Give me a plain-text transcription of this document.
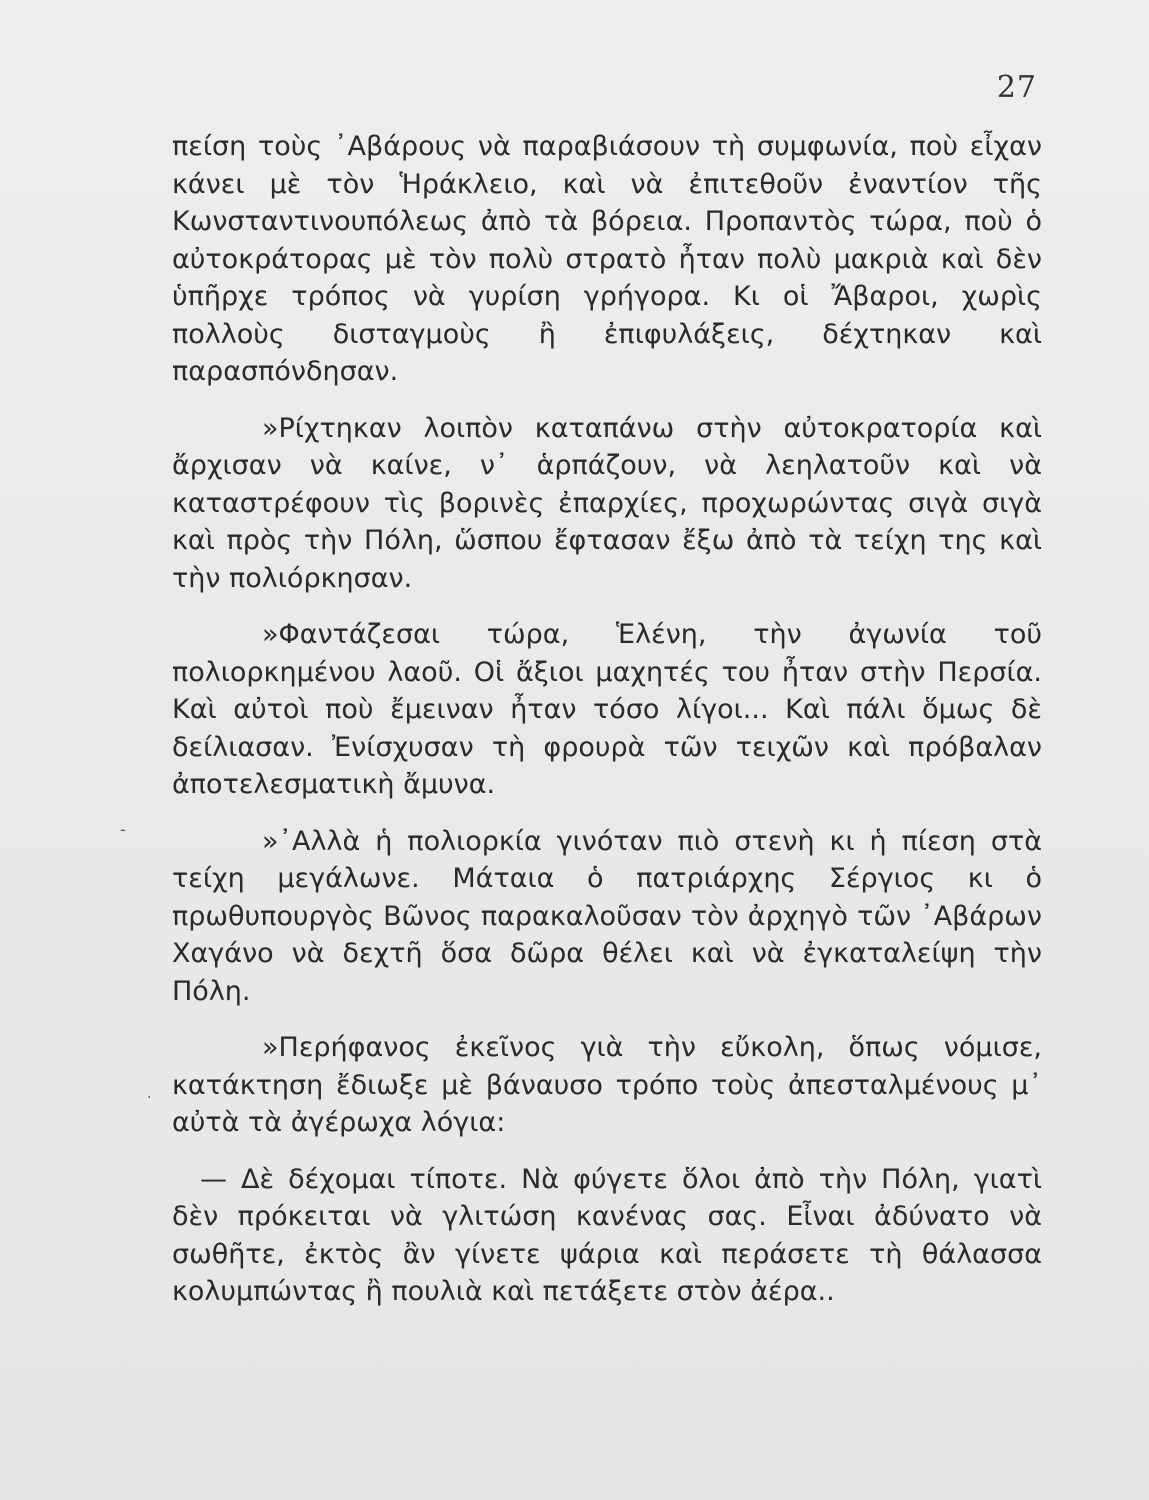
27
-
·

πείση τοὺς ᾿Αβάρους νὰ παραβιάσουν τὴ συμφωνία, ποὺ εἶχαν κάνει μὲ τὸν Ἡράκλειο, καὶ νὰ ἐπιτεθοῦν ἐναντίον τῆς Κωνσταντινουπόλεως ἀπὸ τὰ βόρεια. Προπαντὸς τώρα, ποὺ ὁ αὐτοκράτορας μὲ τὸν πολὺ στρατὸ ἦταν πολὺ μακριὰ καὶ δὲν ὑπῆρχε τρόπος νὰ γυρίση γρήγορα. Κι οἱ Ἄβαροι, χωρὶς πολλοὺς δισταγμοὺς ἢ ἐπιφυλάξεις, δέχτηκαν καὶ παρασπόνδησαν.

»Ρίχτηκαν λοιπὸν καταπάνω στὴν αὐτοκρατορία καὶ ἄρχισαν νὰ καίνε, ν᾿ ἁρπάζουν, νὰ λεηλατοῦν καὶ νὰ καταστρέφουν τὶς βορινὲς ἐπαρχίες, προχωρώντας σιγὰ σιγὰ καὶ πρὸς τὴν Πόλη, ὥσπου ἔφτασαν ἔξω ἀπὸ τὰ τείχη της καὶ τὴν πολιόρκησαν.

»Φαντάζεσαι τώρα, Ἑλένη, τὴν ἀγωνία τοῦ πολιορκημένου λαοῦ. Οἱ ἄξιοι μαχητές του ἦταν στὴν Περσία. Καὶ αὐτοὶ ποὺ ἔμειναν ἦταν τόσο λίγοι... Καὶ πάλι ὅμως δὲ δείλιασαν. Ἐνίσχυσαν τὴ φρουρὰ τῶν τειχῶν καὶ πρόβαλαν ἀποτελεσματικὴ ἄμυνα.

»᾿Αλλὰ ἡ πολιορκία γινόταν πιὸ στενὴ κι ἡ πίεση στὰ τείχη μεγάλωνε. Μάταια ὁ πατριάρχης Σέργιος κι ὁ πρωθυπουργὸς Βῶνος παρακαλοῦσαν τὸν ἀρχηγὸ τῶν ᾿Αβάρων Χαγάνο νὰ δεχτῆ ὅσα δῶρα θέλει καὶ νὰ ἐγκαταλείψη τὴν Πόλη.

»Περήφανος ἐκεῖνος γιὰ τὴν εὔκολη, ὅπως νόμισε, κατάκτηση ἔδιωξε μὲ βάναυσο τρόπο τοὺς ἀπεσταλμένους μ᾿ αὐτὰ τὰ ἀγέρωχα λόγια:

— Δὲ δέχομαι τίποτε. Νὰ φύγετε ὅλοι ἀπὸ τὴν Πόλη, γιατὶ δὲν πρόκειται νὰ γλιτώση κανένας σας. Εἶναι ἀδύνατο νὰ σωθῆτε, ἐκτὸς ἂν γίνετε ψάρια καὶ περάσετε τὴ θάλασσα κολυμπώντας ἢ πουλιὰ καὶ πετάξετε στὸν ἀέρα..
